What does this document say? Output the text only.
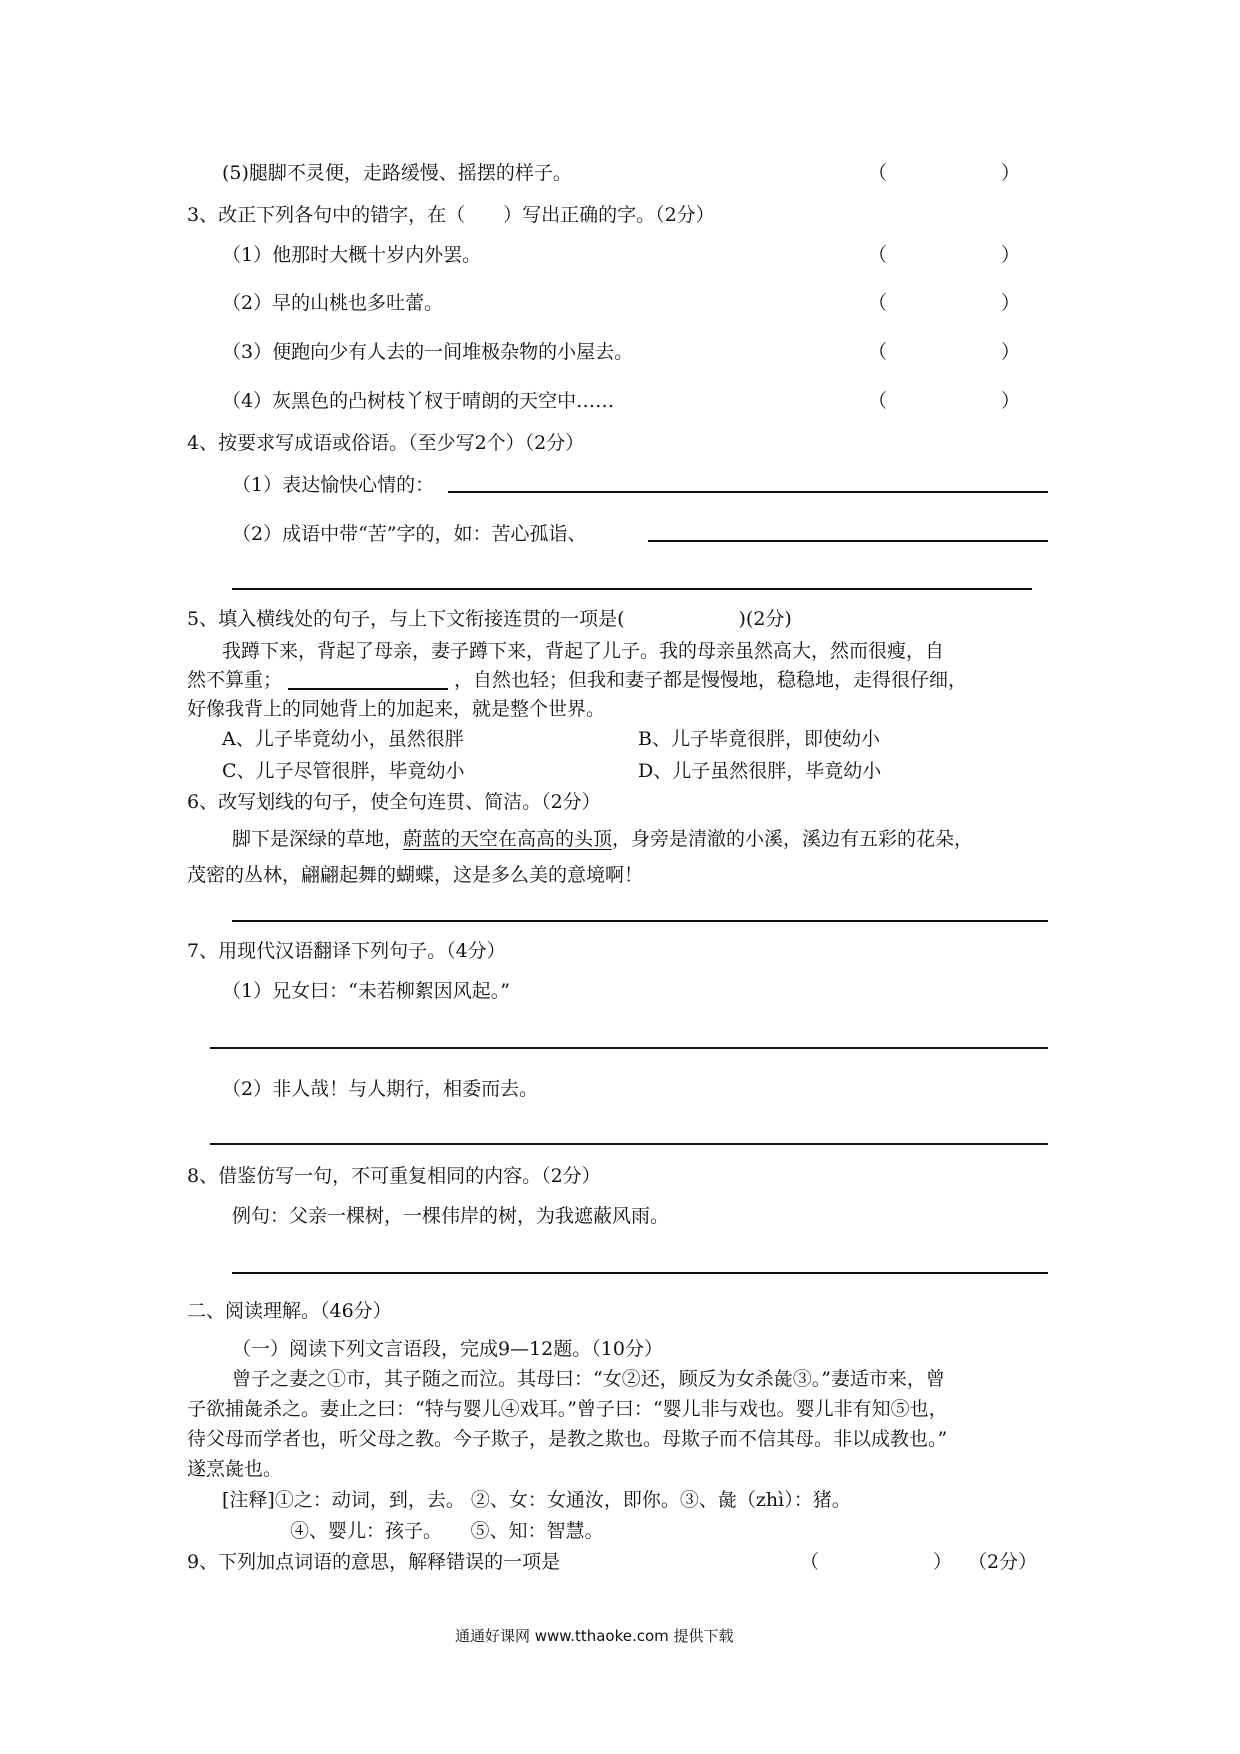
(5)腿脚不灵便，走路缓慢、摇摆的样子。	（　　　　　　）
3、改正下列各句中的错字，在（　　）写出正确的字。（2分）
（1）他那时大概十岁内外罢。	（　　　　　　）
（2）早的山桃也多吐蕾。	（　　　　　　）
（3）便跑向少有人去的一间堆极杂物的小屋去。	（　　　　　　）
（4）灰黑色的凸树枝丫杈于晴朗的天空中……	（　　　　　　）
4、按要求写成语或俗语。（至少写2个）（2分）
（1）表达愉快心情的：
（2）成语中带“苦”字的，如：苦心孤诣、
5、填入横线处的句子，与上下文衔接连贯的一项是(　　　　　　)(2分)
我蹲下来，背起了母亲，妻子蹲下来，背起了儿子。我的母亲虽然高大，然而很瘦，自
然不算重；	，自然也轻；但我和妻子都是慢慢地，稳稳地，走得很仔细，
好像我背上的同她背上的加起来，就是整个世界。
A、儿子毕竟幼小，虽然很胖	B、儿子毕竟很胖，即使幼小
C、儿子尽管很胖，毕竟幼小	D、儿子虽然很胖，毕竟幼小
6、改写划线的句子，使全句连贯、简洁。（2分）
脚下是深绿的草地，蔚蓝的天空在高高的头顶，身旁是清澈的小溪，溪边有五彩的花朵，
茂密的丛林，翩翩起舞的蝴蝶，这是多么美的意境啊！
7、用现代汉语翻译下列句子。（4分）
（1）兄女曰：“未若柳絮因风起。”
（2）非人哉！与人期行，相委而去。
8、借鉴仿写一句，不可重复相同的内容。（2分）
例句：父亲一棵树，一棵伟岸的树，为我遮蔽风雨。
二、阅读理解。（46分）
（一）阅读下列文言语段，完成9—12题。（10分）
曾子之妻之①市，其子随之而泣。其母曰：“女②还，顾反为女杀彘③。”妻适市来，曾
子欲捕彘杀之。妻止之曰：“特与婴儿④戏耳。”曾子曰：“婴儿非与戏也。婴儿非有知⑤也，
待父母而学者也，听父母之教。今子欺子，是教之欺也。母欺子而不信其母。非以成教也。”
遂烹彘也。
[注释]①之：动词，到，去。 ②、女：女通汝，即你。③、彘（zhì）：猪。
④、婴儿：孩子。　　⑤、知：智慧。
9、下列加点词语的意思，解释错误的一项是	（　　　　　　） （2分）
通通好课网 www.tthaoke.com 提供下载
